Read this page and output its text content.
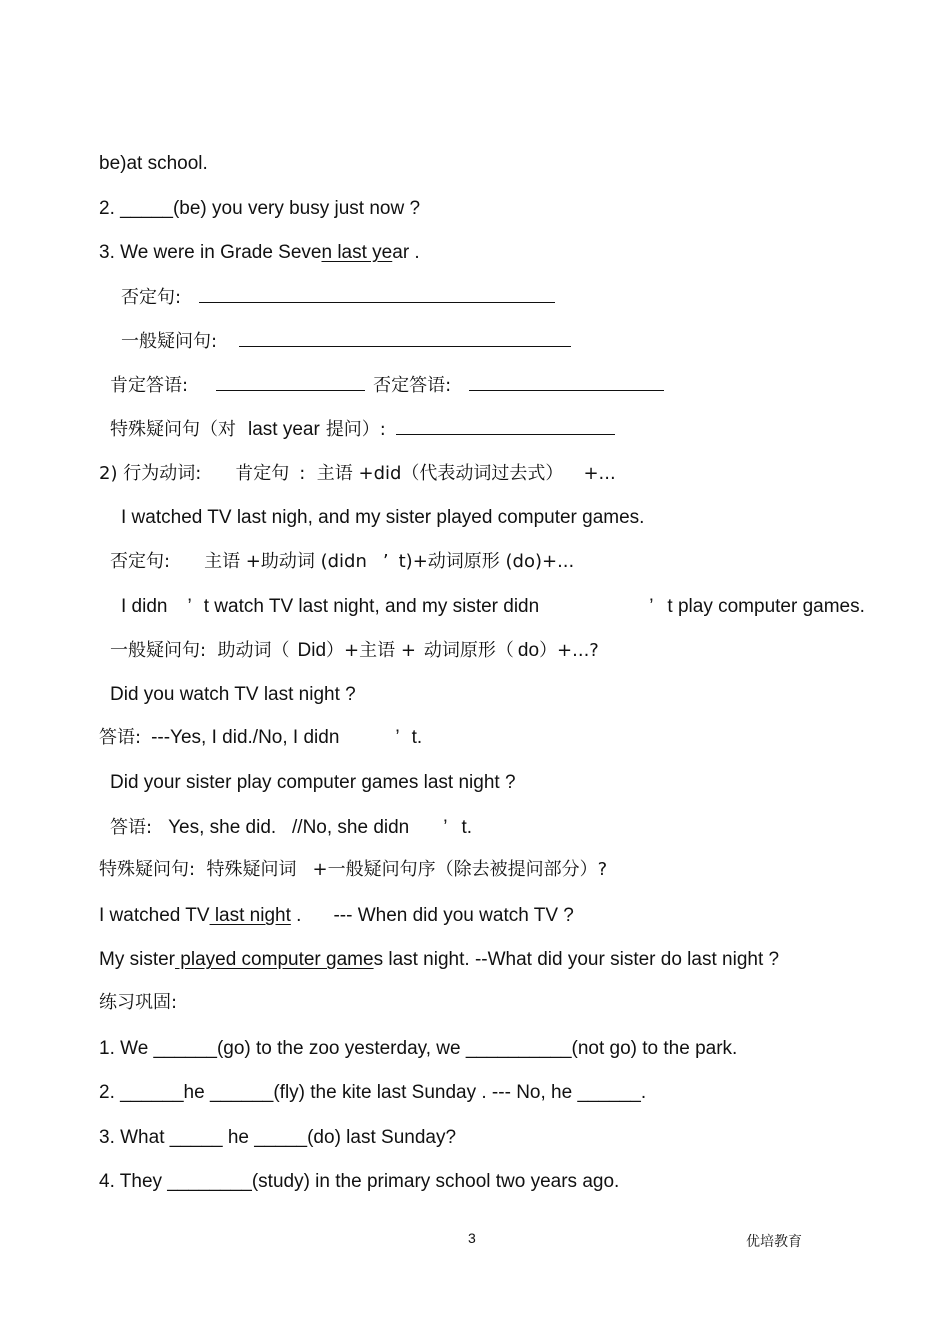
be)at school.
2. _____(be) you very busy just now ?
3. We were in Grade Seven last year .
否定句:
一般疑问句:
肯定答语:	否定答语:
特殊疑问句（对 last year 提问）:
2) 行为动词: 肯定句 :  主语 +did（代表动词过去式） +...
I watched TV last nigh, and my sister played computer games.
否定句: 主语 +助动词 (didn ’ t)+动词原形 (do)+...
I didn ’ t watch TV last night, and my sister didn	’ t play computer games.
一般疑问句:  助动词（ Did）+主语 + 动词原形（ do）+...?
Did you watch TV last night ?
答语: ---Yes, I did./No, I didn	’ t.
Did your sister play computer games last night ?
答语: Yes, she did.   //No, she didn ’ t.
特殊疑问句:  特殊疑问词 +一般疑问句序（除去被提问部分）?
I watched TV last night . --- When did you watch TV ?
My sister played computer games last night. --What did your sister do last night ?
练习巩固:
1. We ______(go) to the zoo yesterday, we __________(not go) to the park.
2. ______he ______(fly) the kite last Sunday . --- No, he ______.
3. What _____ he _____(do) last Sunday?
4. They ________(study) in the primary school two years ago.
3	优培教育
